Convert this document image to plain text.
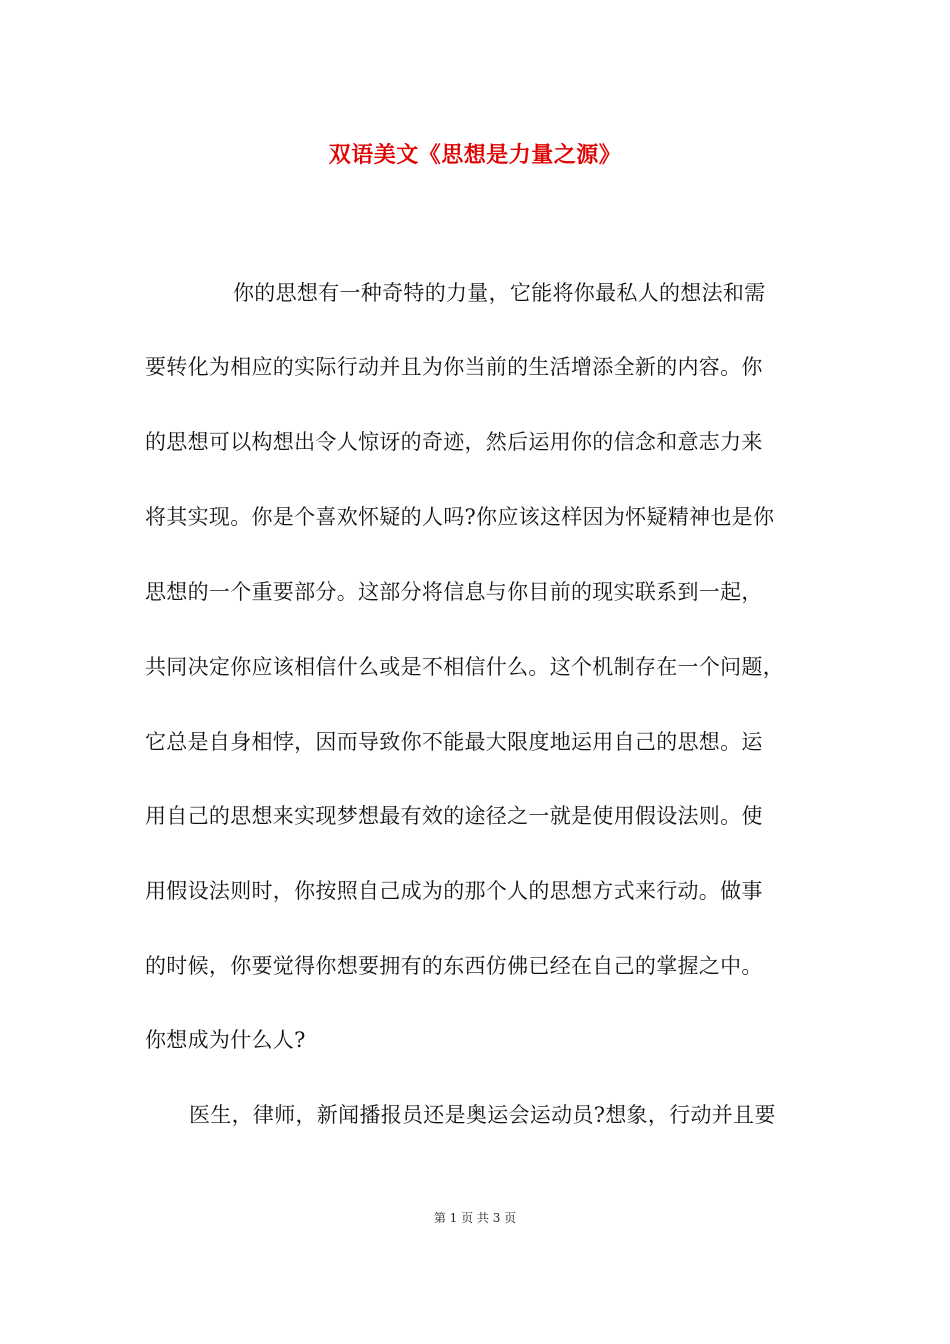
双语美文《思想是力量之源》
你的思想有一种奇特的力量，它能将你最私人的想法和需
要转化为相应的实际行动并且为你当前的生活增添全新的内容。你
的思想可以构想出令人惊讶的奇迹，然后运用你的信念和意志力来
将其实现。你是个喜欢怀疑的人吗?你应该这样因为怀疑精神也是你
思想的一个重要部分。这部分将信息与你目前的现实联系到一起，
共同决定你应该相信什么或是不相信什么。这个机制存在一个问题，
它总是自身相悖，因而导致你不能最大限度地运用自己的思想。运
用自己的思想来实现梦想最有效的途径之一就是使用假设法则。使
用假设法则时，你按照自己成为的那个人的思想方式来行动。做事
的时候，你要觉得你想要拥有的东西仿佛已经在自己的掌握之中。
你想成为什么人?
医生，律师，新闻播报员还是奥运会运动员?想象，行动并且要
第 1 页 共 3 页
